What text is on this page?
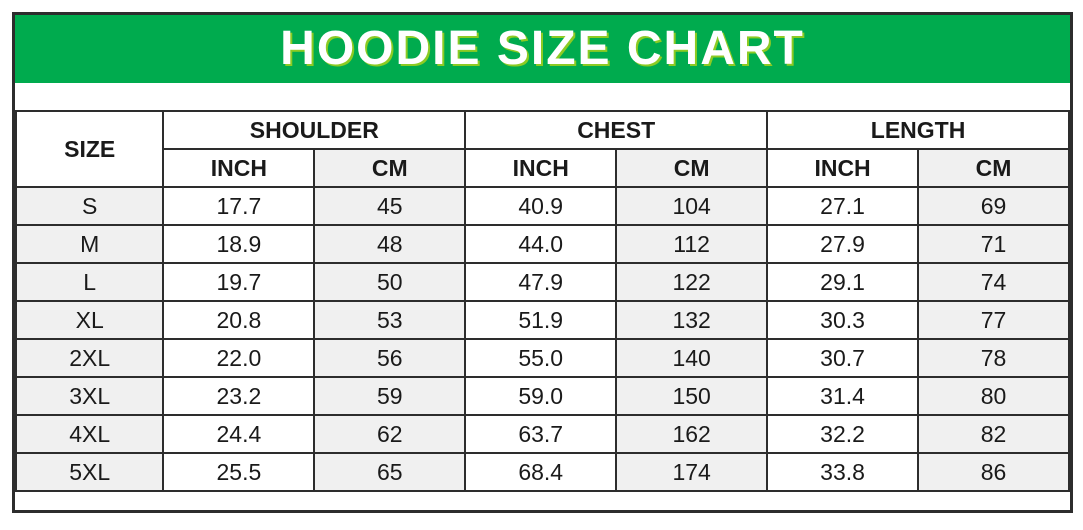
HOODIE SIZE CHART
SIZE	SHOULDER		CHEST		LENGTH	
	INCH	CM	INCH	CM	INCH	CM
S	17.7	45	40.9	104	27.1	69
M	18.9	48	44.0	112	27.9	71
L	19.7	50	47.9	122	29.1	74
XL	20.8	53	51.9	132	30.3	77
2XL	22.0	56	55.0	140	30.7	78
3XL	23.2	59	59.0	150	31.4	80
4XL	24.4	62	63.7	162	32.2	82
5XL	25.5	65	68.4	174	33.8	86
